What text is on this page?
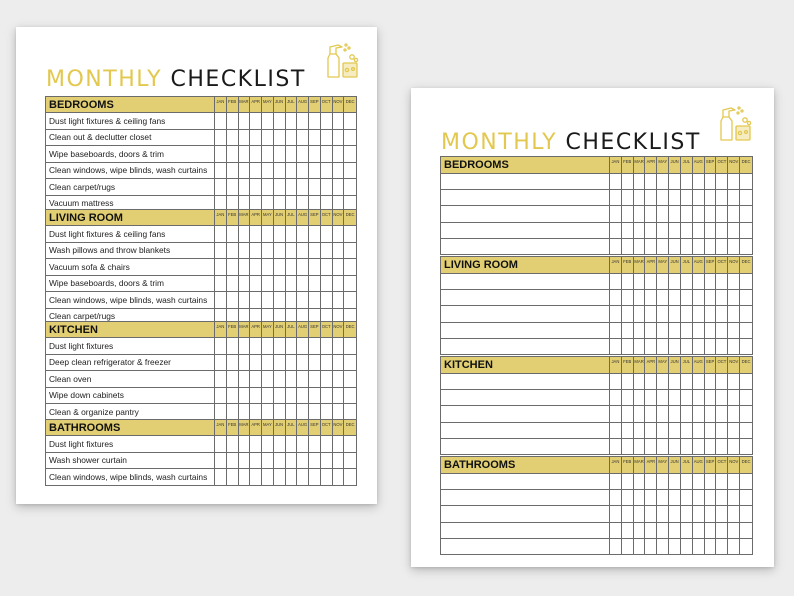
MONTHLY CHECKLIST
BEDROOMS	JAN FEB MAR APR MAY JUN JUL AUG SEP OCT NOV DEC
Dust light fixtures & ceiling fans
Clean out & declutter closet
Wipe baseboards, doors & trim
Clean windows, wipe blinds, wash curtains
Clean carpet/rugs
Vacuum mattress
LIVING ROOM	JAN FEB MAR APR MAY JUN JUL AUG SEP OCT NOV DEC
Dust light fixtures & ceiling fans
Wash pillows and throw blankets
Vacuum sofa & chairs
Wipe baseboards, doors & trim
Clean windows, wipe blinds, wash curtains
Clean carpet/rugs
KITCHEN	JAN FEB MAR APR MAY JUN JUL AUG SEP OCT NOV DEC
Dust light fixtures
Deep clean refrigerator & freezer
Clean oven
Wipe down cabinets
Clean & organize pantry
BATHROOMS	JAN FEB MAR APR MAY JUN JUL AUG SEP OCT NOV DEC
Dust light fixtures
Wash shower curtain
Clean windows, wipe blinds, wash curtains
MONTHLY CHECKLIST
BEDROOMS	JAN FEB MAR APR MAY JUN JUL AUG SEP OCT NOV DEC
LIVING ROOM	JAN FEB MAR APR MAY JUN JUL AUG SEP OCT NOV DEC
KITCHEN	JAN FEB MAR APR MAY JUN JUL AUG SEP OCT NOV DEC
BATHROOMS	JAN FEB MAR APR MAY JUN JUL AUG SEP OCT NOV DEC
